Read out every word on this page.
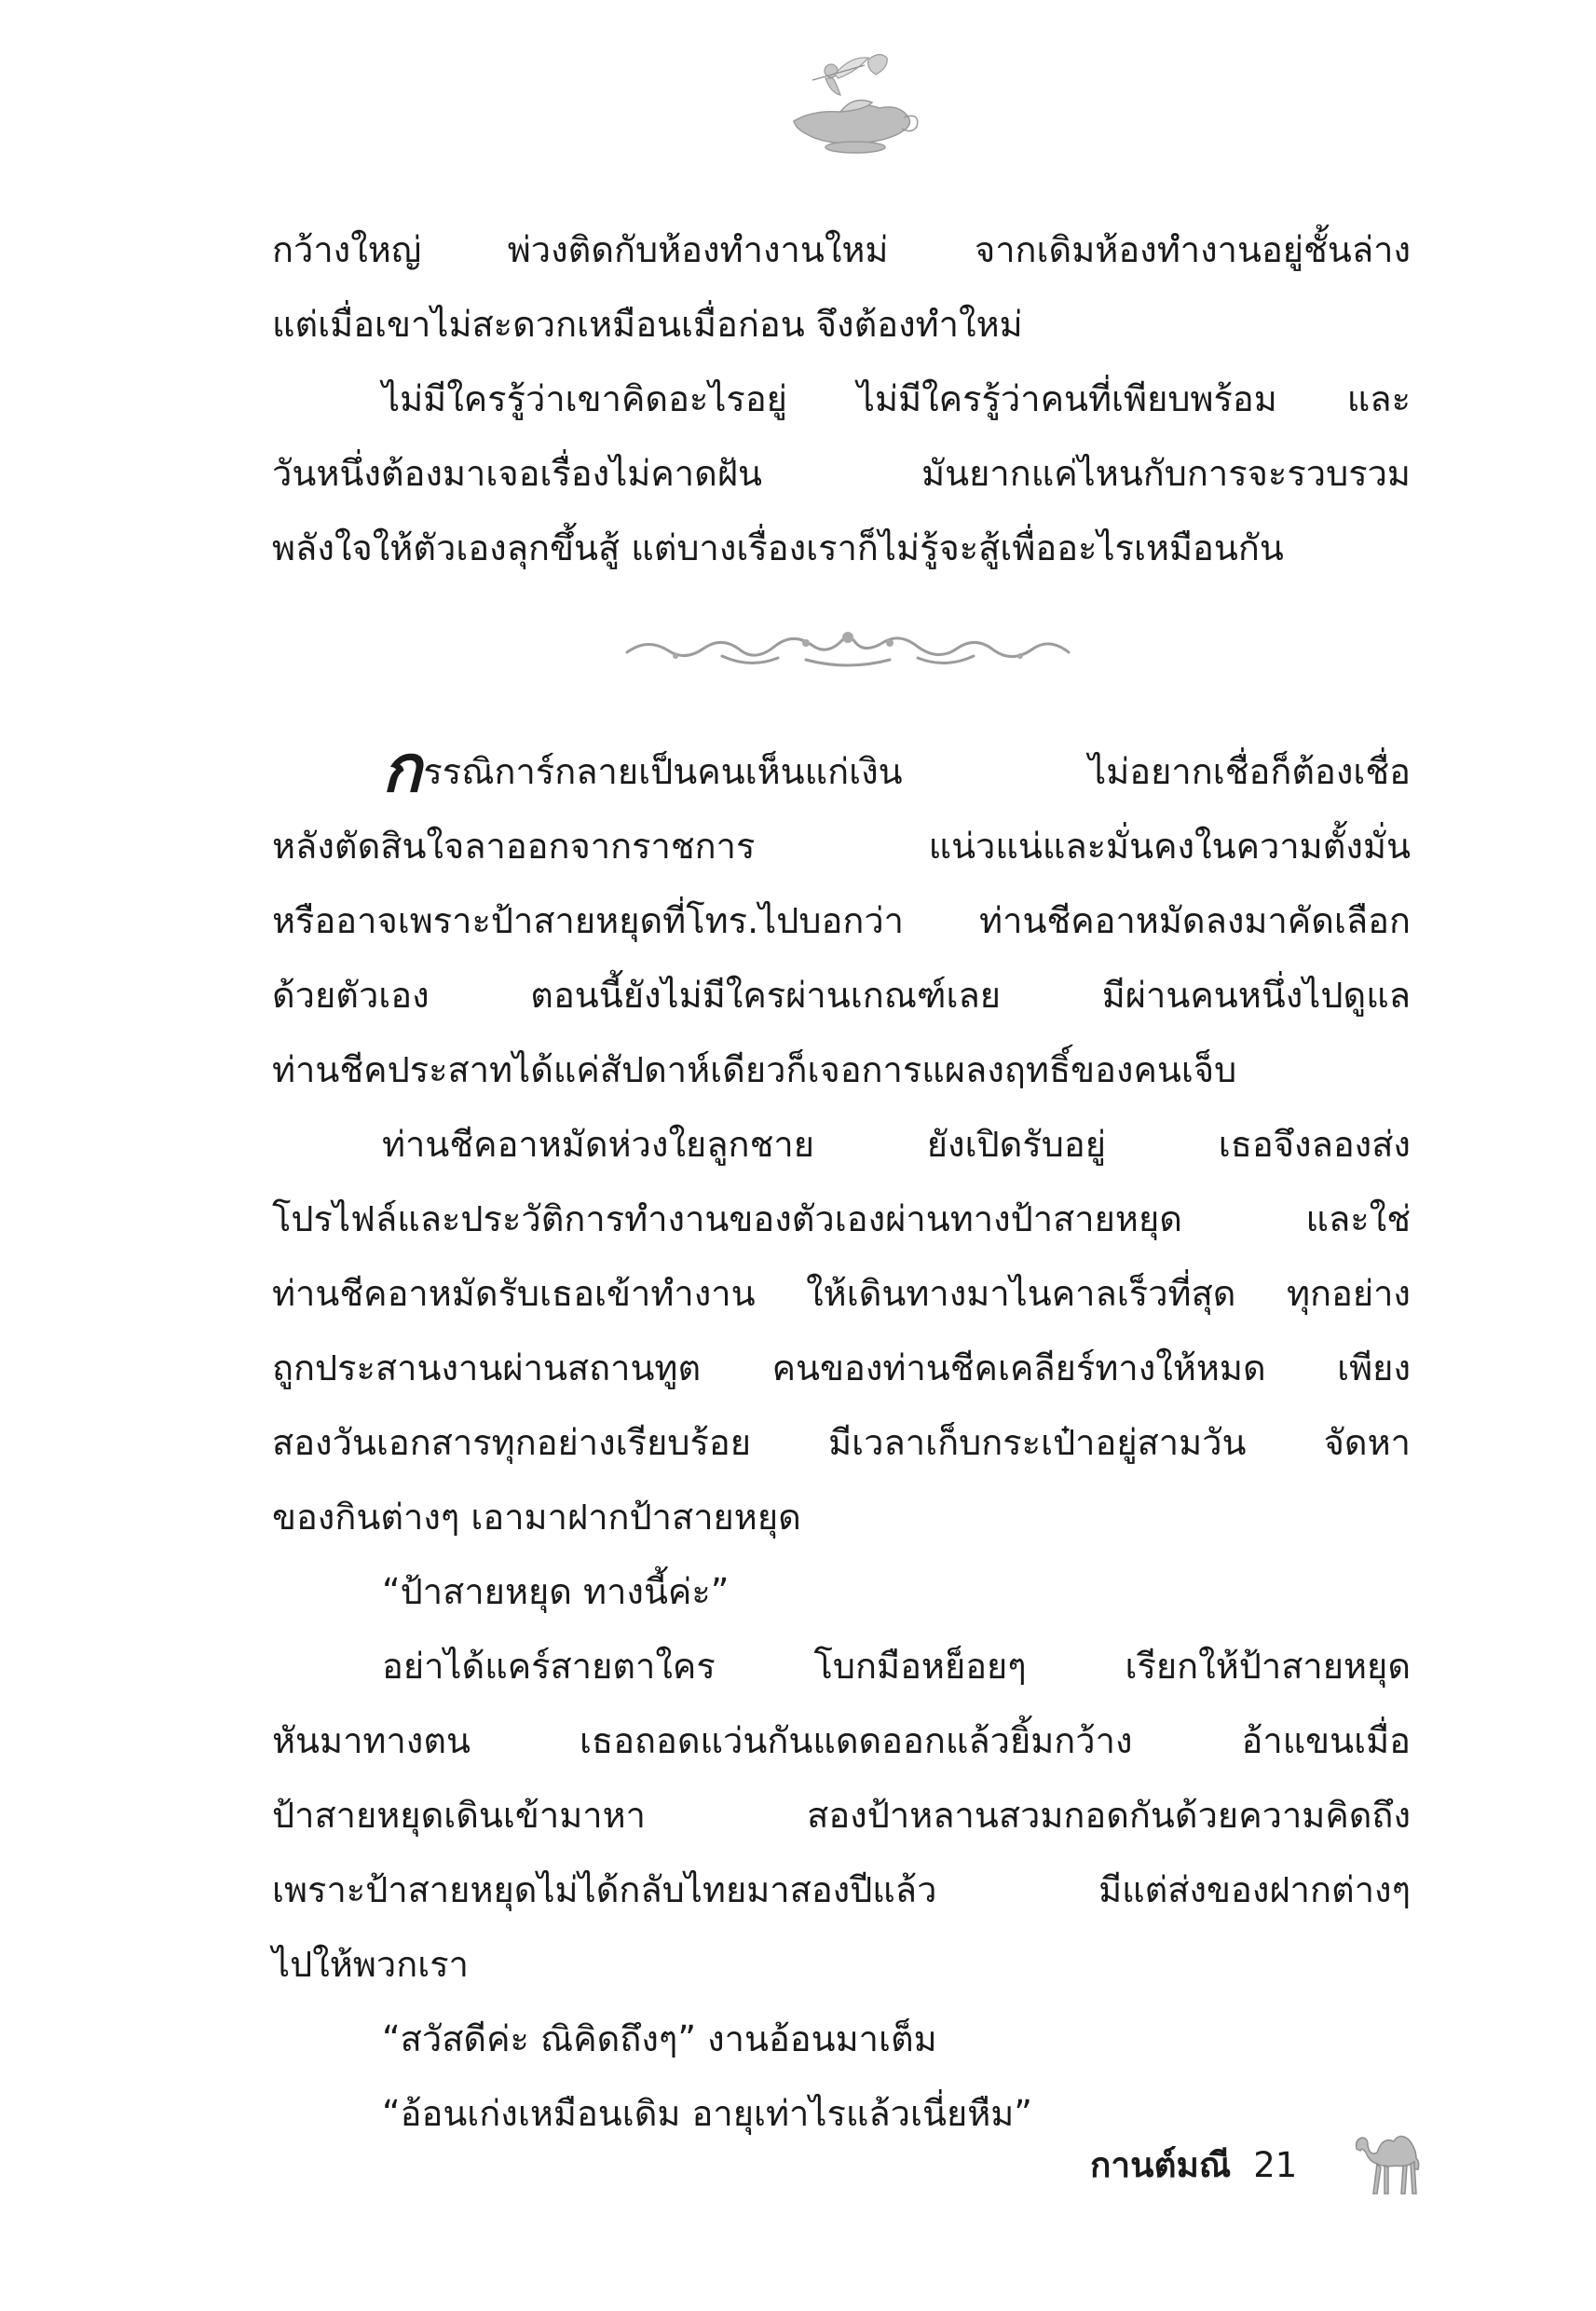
กว้างใหญ่ พ่วงติดกับห้องทำงานใหม่ จากเดิมห้องทำงานอยู่ชั้นล่าง
แต่เมื่อเขาไม่สะดวกเหมือนเมื่อก่อน จึงต้องทำใหม่
ไม่มีใครรู้ว่าเขาคิดอะไรอยู่ ไม่มีใครรู้ว่าคนที่เพียบพร้อม และ
วันหนึ่งต้องมาเจอเรื่องไม่คาดฝัน มันยากแค่ไหนกับการจะรวบรวม
พลังใจให้ตัวเองลุกขึ้นสู้ แต่บางเรื่องเราก็ไม่รู้จะสู้เพื่ออะไรเหมือนกัน
กรรณิการ์กลายเป็นคนเห็นแก่เงิน ไม่อยากเชื่อก็ต้องเชื่อ
หลังตัดสินใจลาออกจากราชการ แน่วแน่และมั่นคงในความตั้งมั่น
หรืออาจเพราะป้าสายหยุดที่โทร.ไปบอกว่า ท่านชีคอาหมัดลงมาคัดเลือก
ด้วยตัวเอง ตอนนี้ยังไม่มีใครผ่านเกณฑ์เลย มีผ่านคนหนึ่งไปดูแล
ท่านชีคประสาทได้แค่สัปดาห์เดียวก็เจอการแผลงฤทธิ์ของคนเจ็บ
ท่านชีคอาหมัดห่วงใยลูกชาย ยังเปิดรับอยู่ เธอจึงลองส่ง
โปรไฟล์และประวัติการทำงานของตัวเองผ่านทางป้าสายหยุด และใช่
ท่านชีคอาหมัดรับเธอเข้าทำงาน ให้เดินทางมาไนคาลเร็วที่สุด ทุกอย่าง
ถูกประสานงานผ่านสถานทูต คนของท่านชีคเคลียร์ทางให้หมด เพียง
สองวันเอกสารทุกอย่างเรียบร้อย มีเวลาเก็บกระเป๋าอยู่สามวัน จัดหา
ของกินต่างๆ เอามาฝากป้าสายหยุด
“ป้าสายหยุด ทางนี้ค่ะ”
อย่าได้แคร์สายตาใคร โบกมือหย็อยๆ เรียกให้ป้าสายหยุด
หันมาทางตน เธอถอดแว่นกันแดดออกแล้วยิ้มกว้าง อ้าแขนเมื่อ
ป้าสายหยุดเดินเข้ามาหา สองป้าหลานสวมกอดกันด้วยความคิดถึง
เพราะป้าสายหยุดไม่ได้กลับไทยมาสองปีแล้ว มีแต่ส่งของฝากต่างๆ
ไปให้พวกเรา
“สวัสดีค่ะ ณิคิดถึงๆ” งานอ้อนมาเต็ม
“อ้อนเก่งเหมือนเดิม อายุเท่าไรแล้วเนี่ยหืม”
กานต์มณี 21
